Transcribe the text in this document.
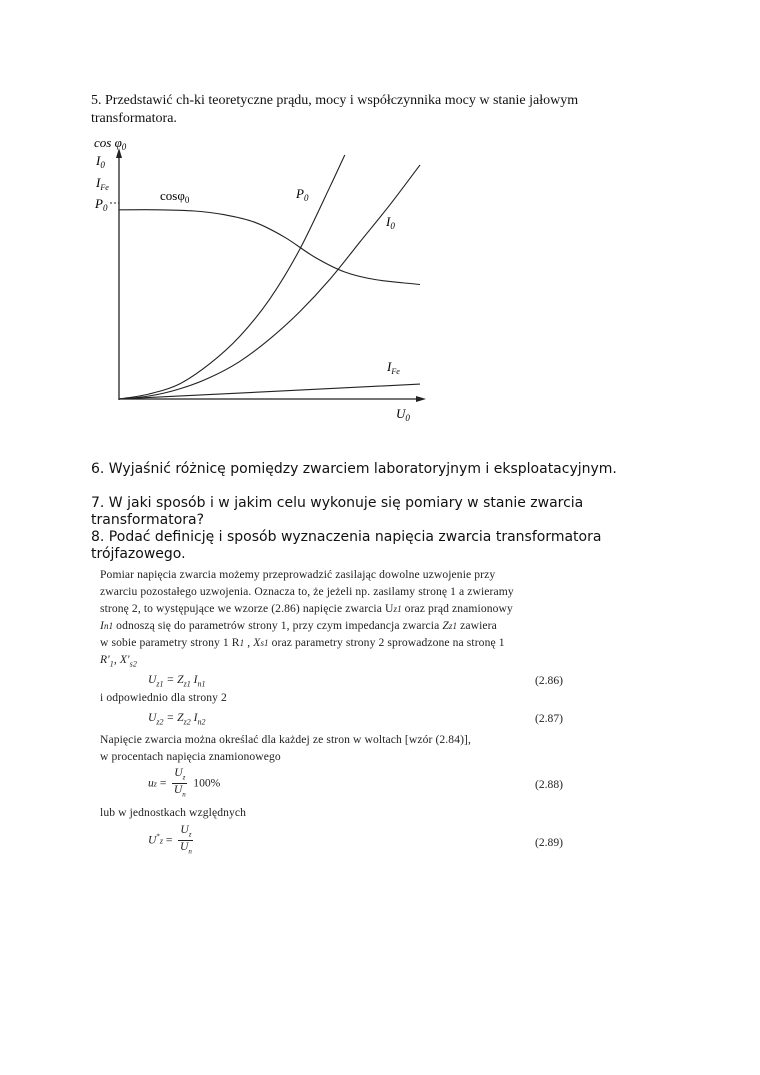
5. Przedstawić ch-ki teoretyczne prądu, mocy i współczynnika mocy w stanie jałowym
transformatora.
$\cos \varphi_0$
$I_0$
$I_{Fe}$
$P_0$
cosφ$_0$	$P_0$
$I_0$
$I_{Fe}$
$U_0$
6. Wyjaśnić różnicę pomiędzy zwarciem laboratoryjnym i eksploatacyjnym.
7. W jaki sposób i w jakim celu wykonuje się pomiary w stanie zwarcia transformatora?
8. Podać definicję i sposób wyznaczenia napięcia zwarcia transformatora trójfazowego.
Pomiar napięcia zwarcia możemy przeprowadzić zasilając dowolne uzwojenie przy
zwarciu pozostałego uzwojenia. Oznacza to, że jeżeli np. zasilamy stronę 1 a zwieramy
stronę 2, to występujące we wzorze (2.86) napięcie zwarcia Uz1 oraz prąd znamionowy
In1 odnoszą się do parametrów strony 1, przy czym impedancja zwarcia Zz1 zawiera
w sobie parametry strony 1 R1 , Xs1 oraz parametry strony 2 sprowadzone na stronę 1
$R'_1$, $X'_{s2}$
$U_{z1} = Z_{z1}$ $I_{n1}$	(2.86)
i odpowiednio dla strony 2
$U_{z2} = Z_{z2}$ $I_{n2}$	(2.87)
Napięcie zwarcia można określać dla każdej ze stron w woltach [wzór (2.84)],
w procentach napięcia znamionowego
uz = $\frac{U_z}{U_n} 100\%$	(2.88)
lub w jednostkach względnych
$U^*z = \frac{U_z}{U_n}$	(2.89)
